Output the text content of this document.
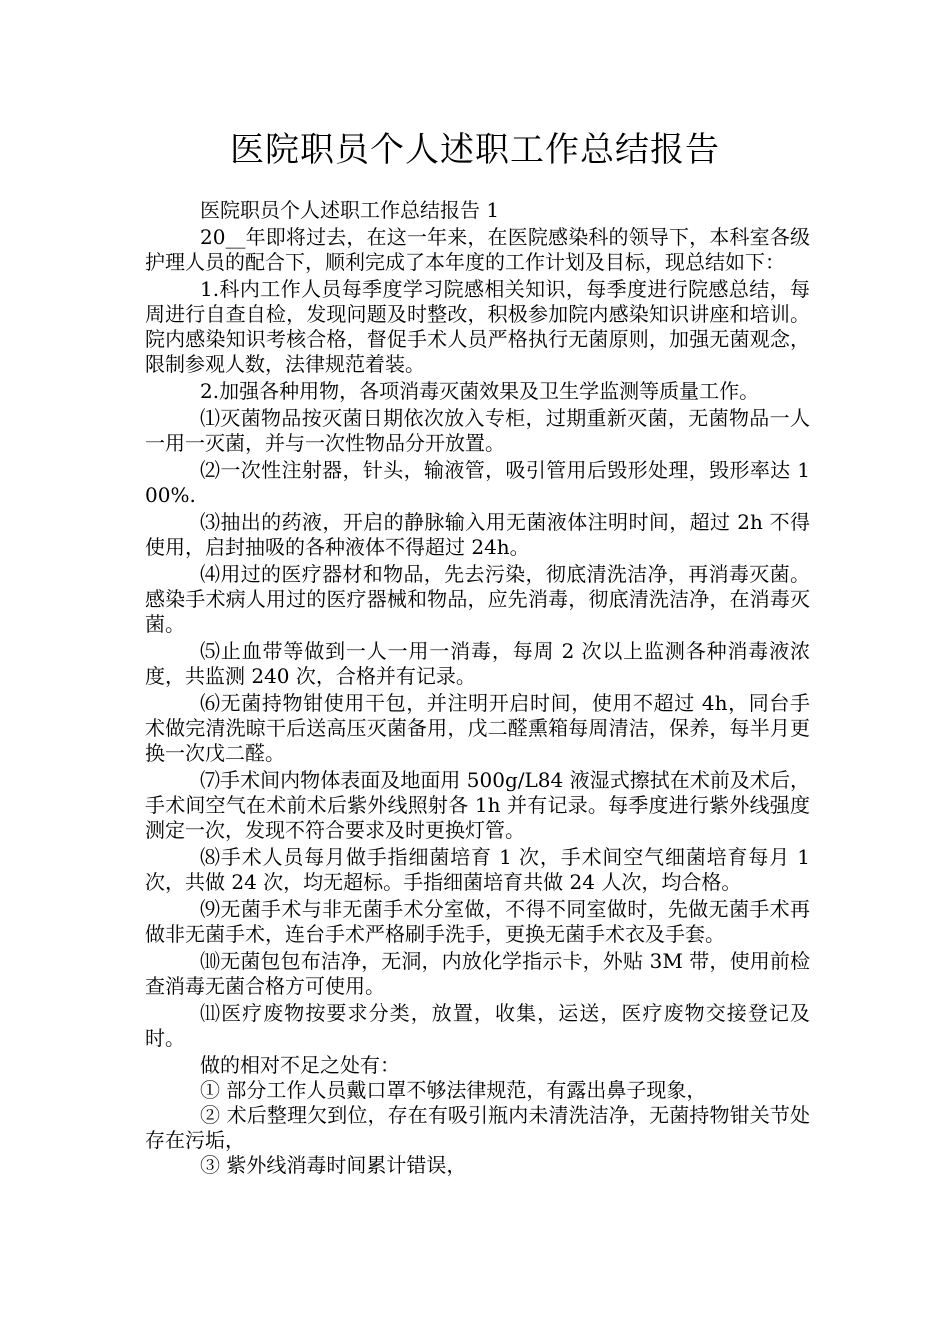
医院职员个人述职工作总结报告

医院职员个人述职工作总结报告 1

20__年即将过去，在这一年来，在医院感染科的领导下，本科室各级护理人员的配合下，顺利完成了本年度的工作计划及目标，现总结如下：

1.科内工作人员每季度学习院感相关知识，每季度进行院感总结，每周进行自查自检，发现问题及时整改，积极参加院内感染知识讲座和培训。院内感染知识考核合格，督促手术人员严格执行无菌原则，加强无菌观念，限制参观人数，法律规范着装。

2.加强各种用物，各项消毒灭菌效果及卫生学监测等质量工作。

⑴灭菌物品按灭菌日期依次放入专柜，过期重新灭菌，无菌物品一人一用一灭菌，并与一次性物品分开放置。

⑵一次性注射器，针头，输液管，吸引管用后毁形处理，毁形率达 100%.

⑶抽出的药液，开启的静脉输入用无菌液体注明时间，超过 2h 不得使用，启封抽吸的各种液体不得超过 24h。

⑷用过的医疗器材和物品，先去污染，彻底清洗洁净，再消毒灭菌。感染手术病人用过的医疗器械和物品，应先消毒，彻底清洗洁净，在消毒灭菌。

⑸止血带等做到一人一用一消毒，每周 2 次以上监测各种消毒液浓度，共监测 240 次，合格并有记录。

⑹无菌持物钳使用干包，并注明开启时间，使用不超过 4h，同台手术做完清洗晾干后送高压灭菌备用，戊二醛熏箱每周清洁，保养，每半月更换一次戊二醛。

⑺手术间内物体表面及地面用 500g/L84 液湿式擦拭在术前及术后，手术间空气在术前术后紫外线照射各 1h 并有记录。每季度进行紫外线强度测定一次，发现不符合要求及时更换灯管。

⑻手术人员每月做手指细菌培育 1 次，手术间空气细菌培育每月 1 次，共做 24 次，均无超标。手指细菌培育共做 24 人次，均合格。

⑼无菌手术与非无菌手术分室做，不得不同室做时，先做无菌手术再做非无菌手术，连台手术严格刷手洗手，更换无菌手术衣及手套。

⑽无菌包包布洁净，无洞，内放化学指示卡，外贴 3M 带，使用前检查消毒无菌合格方可使用。

⑾医疗废物按要求分类，放置，收集，运送，医疗废物交接登记及时。

做的相对不足之处有：

① 部分工作人员戴口罩不够法律规范，有露出鼻子现象，

② 术后整理欠到位，存在有吸引瓶内未清洗洁净，无菌持物钳关节处存在污垢，

③ 紫外线消毒时间累计错误，
